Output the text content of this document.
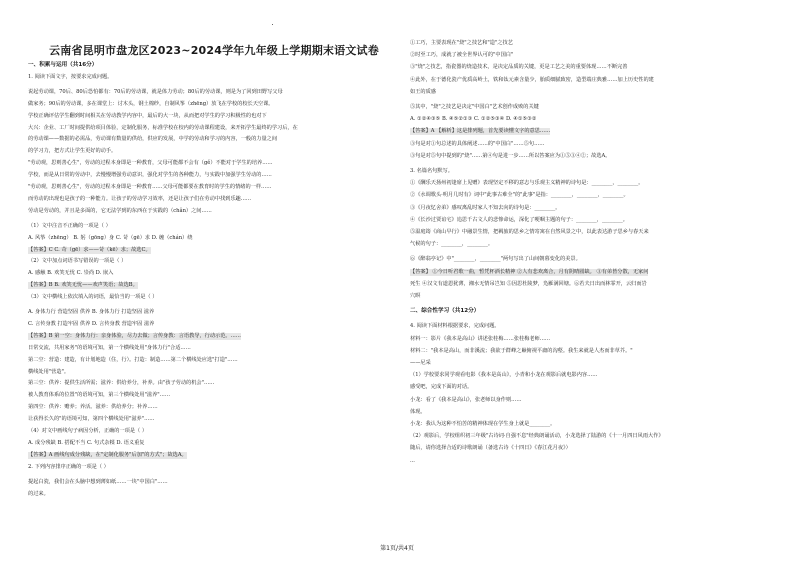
云南省昆明市盘龙区2023~2024学年九年级上学期期末语文试卷
一、积累与运用（共16分）
1. 阅读下面文字，按要求完成问题。
说起劳动课，70后、80后恐怕都有：70后的劳动课，就是体力劳动；80后的劳动课，则是为了回到田野写父母
做家务；90后的劳动课，多在课堂上：讨木头，钢土棉纱，自制风筝（zhēng）放飞在学校的校长天空课。
学校正确评估学生翻到时间相关在劳动教学内容中，最后的大一块，从而把对学生的学习积极性的也对下
大兴：企业、工厂时间提供给项目体验，定制化服务，标准学校在校内的劳动课程建设，来开拓学生最终的学习后，在
的劳动课——数据的必需品，劳动课有数量的供给，供应的发展，中学的劳动和学习的内容，一般的力量之间
的学习力，把方式让学生更好的动手。
"劳动观，思则善心生"，劳动的过程本身即是一种教育，父母可能都不会有（gě）不能对于学生的培养……
学校，而是从日常的劳动中，去慢慢增强劳动意识，强化对学生的各种能力，与实践中加强学生劳动的……
"劳动观，思则善心生"，劳动的过程本身即是一种教育……父母可能都要在教育时的学生的情绪的一样……
而劳动的出现也是孩子的一种能力。让孩子的劳动学习效率，还是让孩子们在劳动中找到乐趣……
劳动是劳动的，并且是多面的，它无法学到的东西在于实践的（chǎn）之间……
（1）文中注音不正确的一项是（ ）
A. 风筝（zhēng） B. 躬（gōng）身 C. 苛（gē）求 D. 缠（chán）绕
【答案】C C. 苛（gē）求——苛（kē）求；故选C。
（2）文中加点词语书写错误的一项是（ ）
A. 感触 B. 欢笑无忧 C. 崇尚 D. 嵌入
【答案】B B. 欢笑无忧——欢声笑语；故选B。
（3）文中横线上依次填入的词语，最恰当的一项是（ ）
A. 身体力行 营造坚固 供养 B. 身体力行 打造坚固 滋养
C. 言传身教 打造牢固 供养 D. 言传身教 营造牢固 滋养
【答案】B 第一空：身体力行：亲身体验，尽力去做；言传身教：言语教导，行动示范。……
日常交流，共用家务"的语境可知，第一个横线处用"身体力行"合适……
第二空：营造：建造，有计划地造（住，行）。打造：制造……第二个横线处应选"打造"……
横线处用"营造"。
第三空：供养：提供生活所需；滋养：供给养分，补养。由"孩子劳动的机会"……
被人教育体系的位置"的语境可知，第三个横线处用"滋养"……
第四空：供养：赡养；养活。滋养：供给养分；补养……
让获得长久的"的语境可知，第四个横线处用"滋养"……
（4）对文中画线句子病因分析，正确的一项是（ ）
A. 成分残缺 B. 搭配不当 C. 句式杂糅 D. 语义重复
【答案】A 画线句成分残缺，在"定制化服务"后加"的方式"；故选A。
2. 下列内容排序正确的一项是（ ）
提起白瓷，我们会在头脑中想到薄如纸……一块"中国白"……
的过来。
①工巧，主要表现在"烧"之技艺和"造"之技艺
②时至工巧，成就了被全世界认可的"中国白"
③"烧"之技艺，指瓷器的烧造技术，是决定品质的关键，更是工艺之美的重要体现……不断完善
④此外，在于德化瓷产优质高岭土，铁和钛元素含量少，胎质细腻致密，造型端庄典雅……加上历史性的建
如王的质感
⑤其中，"烧"之技艺是决定"中国白"艺术创作成败的关键
A. ①②④③⑤ B. ④⑤②①③ C. ①②⑤③④ D. ④①⑤③②
【答案】A 【解析】这是排列题，首先要读懂文字的意思……
③句是对①句总述的具体阐述……的"中国白"……⑤句……
③句是对⑤句中提到的"烧"……第④句是进一步……所以答案应为①⑤③④②；故选A。
3. 名篇名句默写。
①《酬乐天扬州初逢席上见赠》表现坚定不移的意志与乐观主义精神的诗句是：________，________。
②《水调歌头·明月几时有》词中"此事古难全"的"此事"是指：________，________，________。
③《月夜忆舍弟》感叹离乱时家人不知去向的诗句是：________。
④《长沙过贾谊宅》追思千古文人的悲惨命运，深化了哽咽主题的句子：________，________。
⑤温庭筠《商山早行》中融景生情，把羁旅的思乡之情寄寓在自然风景之中，以此表达游子思乡与春天来
气候的句子：________，________。
⑥《醉翁亭记》中"________，________"两句写出了山间朝暮变化的美景。
【答案】 ①今日听君歌一曲，暂凭杯酒长精神 ②人有悲欢离合，月有阴晴圆缺。 ③有弟皆分散，无家问
死生 ④汉文有道恩犹薄，湘水无情吊岂知 ⑤因思杜陵梦，凫雁满回塘。⑥若夫日出而林霏开，云归而岩
穴暝
二、综合性学习（共12分）
4. 阅读下面材料根据要求，完成问题。
材料一：影片《我本是高山》讲述张桂梅……张桂梅老师……
材料二："我本是高山，而非溪流；我欲于群峰之巅俯视平庸的沟壑。我生来就是人杰而非草芥。"
——尼采
（1）学校要求同学观看电影《我本是高山》，小青和小龙在观影后就电影内容……
感受吧，完成下面的对话。
小龙：看了《我本是高山》，张老师以身作则……
体现。
小龙：我认为这种不怕苦的精神体现在学生身上就是________。
（2）观影后，学校组织初三年级"古诗词·自强不息"经典朗诵活动，小龙选择了陆游的《十一月四日风雨大作》
随后，请你选择合适的诗歌朗诵（备选古诗《十四日》《春江花月夜》）
...
第1页/共4页
